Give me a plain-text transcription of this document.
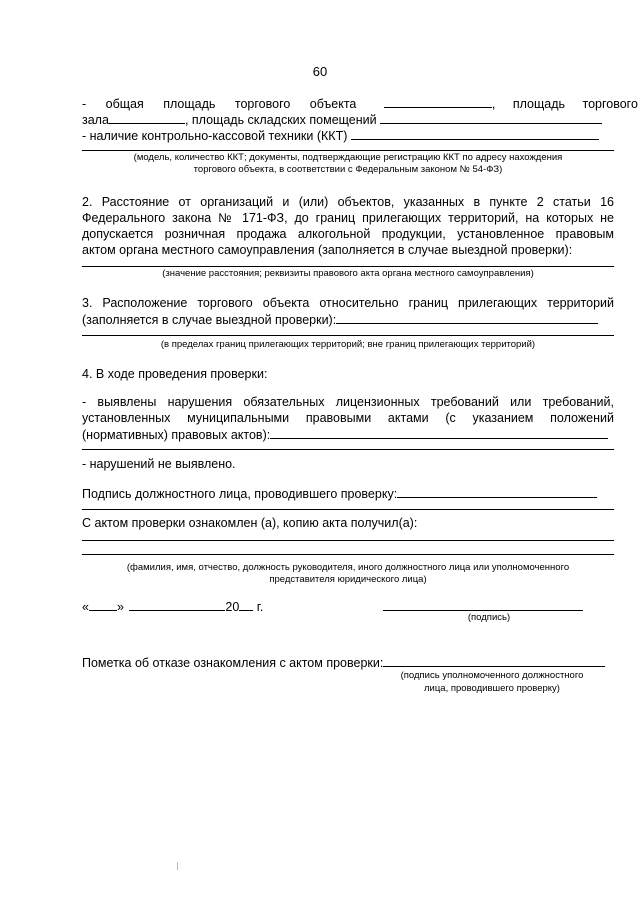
60
- общая площадь торгового объекта	, площадь торгового
зала	, площадь складских помещений
- наличие контрольно-кассовой техники (ККТ)
(модель, количество ККТ; документы, подтверждающие регистрацию ККТ по адресу нахождения
торгового объекта, в соответствии с Федеральным законом № 54-ФЗ)
2. Расстояние от организаций и (или) объектов, указанных в пункте 2 статьи 16
Федерального закона № 171-ФЗ, до границ прилегающих территорий, на которых не
допускается розничная продажа алкогольной продукции, установленное правовым
актом органа местного самоуправления (заполняется в случае выездной проверки):
(значение расстояния; реквизиты правового акта органа местного самоуправления)
3. Расположение торгового объекта относительно границ прилегающих территорий
(заполняется в случае выездной проверки):
(в пределах границ прилегающих территорий; вне границ прилегающих территорий)
4. В ходе проведения проверки:
- выявлены нарушения обязательных лицензионных требований или требований,
установленных муниципальными правовыми актами (с указанием положений
(нормативных) правовых актов):
- нарушений не выявлено.
Подпись должностного лица, проводившего проверку:
С актом проверки ознакомлен (а), копию акта получил(а):
(фамилия, имя, отчество, должность руководителя, иного должностного лица или уполномоченного
представителя юридического лица)
« »	20 г.
(подпись)
Пометка об отказе ознакомления с актом проверки:
(подпись уполномоченного должностного
лица, проводившего проверку)
